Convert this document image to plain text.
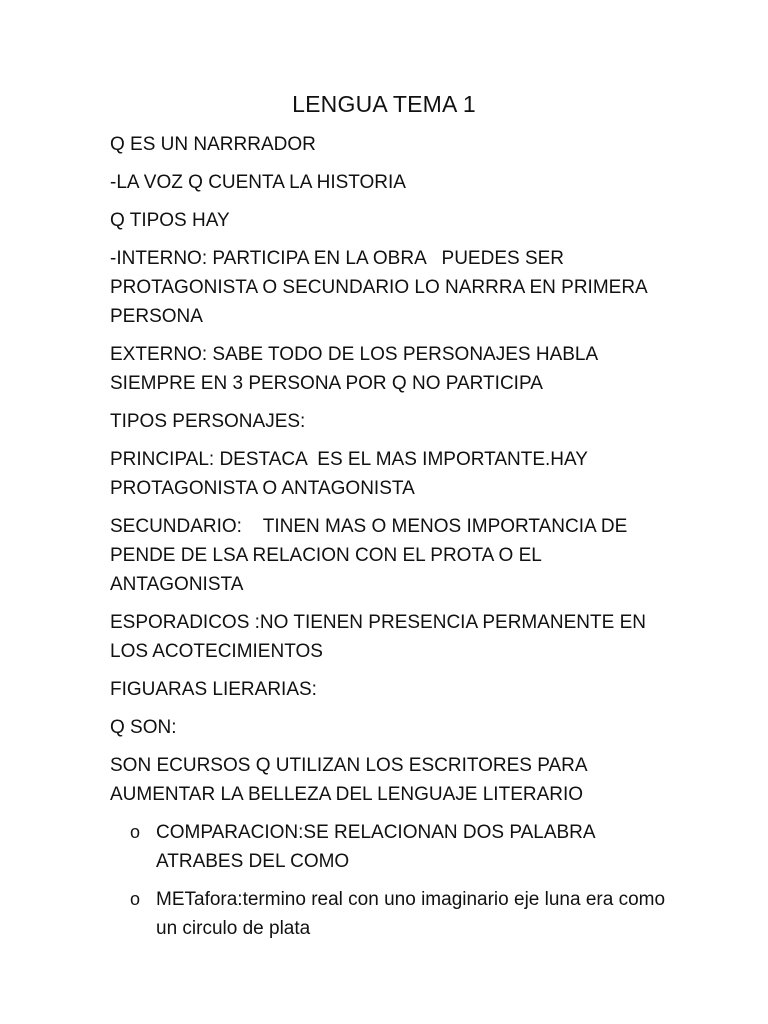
LENGUA TEMA 1

Q ES UN NARRRADOR

-LA VOZ Q CUENTA LA HISTORIA

Q TIPOS HAY

-INTERNO: PARTICIPA EN LA OBRA   PUEDES SER PROTAGONISTA O SECUNDARIO LO NARRRA EN PRIMERA PERSONA

EXTERNO: SABE TODO DE LOS PERSONAJES HABLA SIEMPRE EN 3 PERSONA POR Q NO PARTICIPA

TIPOS PERSONAJES:

PRINCIPAL: DESTACA  ES EL MAS IMPORTANTE.HAY PROTAGONISTA O ANTAGONISTA

SECUNDARIO:    TINEN MAS O MENOS IMPORTANCIA DE PENDE DE LSA RELACION CON EL PROTA O EL ANTAGONISTA

ESPORADICOS :NO TIENEN PRESENCIA PERMANENTE EN LOS ACOTECIMIENTOS

FIGUARAS LIERARIAS:

Q SON:

SON ECURSOS Q UTILIZAN LOS ESCRITORES PARA AUMENTAR LA BELLEZA DEL LENGUAJE LITERARIO

o COMPARACION:SE RELACIONAN DOS PALABRA ATRABES DEL COMO
o METafora:termino real con uno imaginario eje luna era como un circulo de plata
